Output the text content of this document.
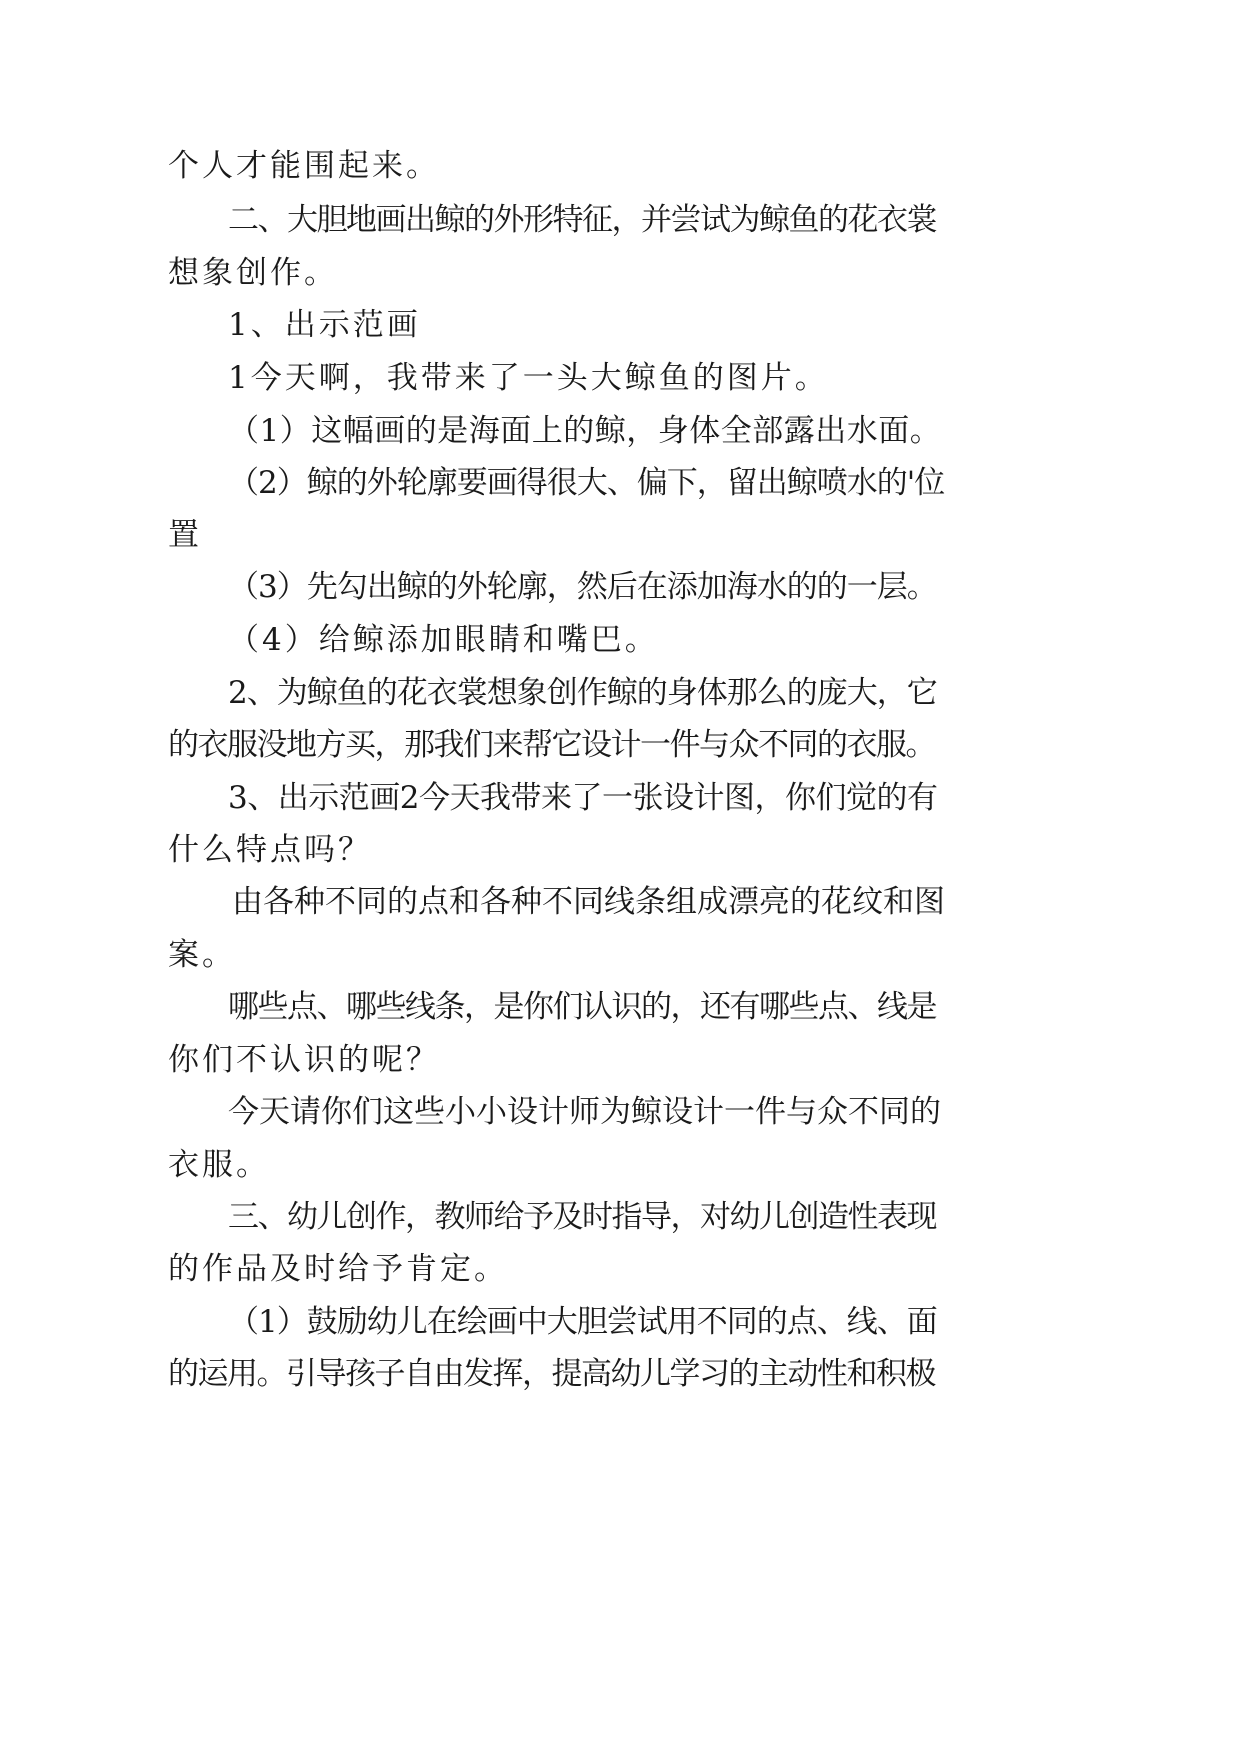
个人才能围起来。
二、大胆地画出鲸的外形特征，并尝试为鲸鱼的花衣裳
想象创作。
1、出示范画
1今天啊，我带来了一头大鲸鱼的图片。
（1）这幅画的是海面上的鲸，身体全部露出水面。
（2）鲸的外轮廓要画得很大、偏下，留出鲸喷水的'位
置
（3）先勾出鲸的外轮廓，然后在添加海水的的一层。
（4）给鲸添加眼睛和嘴巴。
2、为鲸鱼的花衣裳想象创作鲸的身体那么的庞大，它
的衣服没地方买，那我们来帮它设计一件与众不同的衣服。
3、出示范画2今天我带来了一张设计图，你们觉的有
什么特点吗？
由各种不同的点和各种不同线条组成漂亮的花纹和图
案。
哪些点、哪些线条，是你们认识的，还有哪些点、线是
你们不认识的呢？
今天请你们这些小小设计师为鲸设计一件与众不同的
衣服。
三、幼儿创作，教师给予及时指导，对幼儿创造性表现
的作品及时给予肯定。
（1）鼓励幼儿在绘画中大胆尝试用不同的点、线、面
的运用。引导孩子自由发挥，提高幼儿学习的主动性和积极
